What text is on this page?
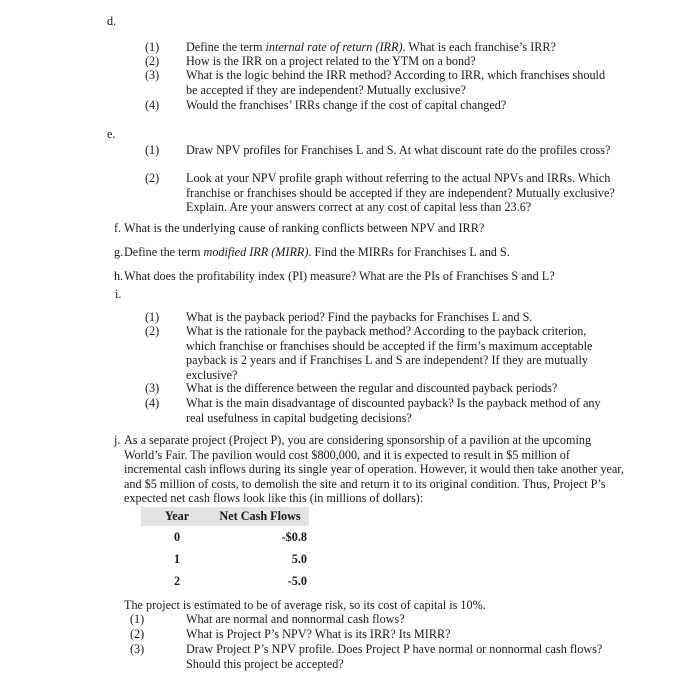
d.
(1)	Define the term internal rate of return (IRR). What is each franchise’s IRR?
(2)	How is the IRR on a project related to the YTM on a bond?
(3)	What is the logic behind the IRR method? According to IRR, which franchises should be accepted if they are independent? Mutually exclusive?
(4)	Would the franchises’ IRRs change if the cost of capital changed?
e.
(1)	Draw NPV profiles for Franchises L and S. At what discount rate do the profiles cross?
(2)	Look at your NPV profile graph without referring to the actual NPVs and IRRs. Which franchise or franchises should be accepted if they are independent? Mutually exclusive? Explain. Are your answers correct at any cost of capital less than 23.6?
f. What is the underlying cause of ranking conflicts between NPV and IRR?
g. Define the term modified IRR (MIRR). Find the MIRRs for Franchises L and S.
h. What does the profitability index (PI) measure? What are the PIs of Franchises S and L?
i.
(1)	What is the payback period? Find the paybacks for Franchises L and S.
(2)	What is the rationale for the payback method? According to the payback criterion, which franchise or franchises should be accepted if the firm’s maximum acceptable payback is 2 years and if Franchises L and S are independent? If they are mutually exclusive?
(3)	What is the difference between the regular and discounted payback periods?
(4)	What is the main disadvantage of discounted payback? Is the payback method of any real usefulness in capital budgeting decisions?
j. As a separate project (Project P), you are considering sponsorship of a pavilion at the upcoming World’s Fair. The pavilion would cost $800,000, and it is expected to result in $5 million of incremental cash inflows during its single year of operation. However, it would then take another year, and $5 million of costs, to demolish the site and return it to its original condition. Thus, Project P’s expected net cash flows look like this (in millions of dollars):
Year	Net Cash Flows
0	-$0.8
1	5.0
2	-5.0
The project is estimated to be of average risk, so its cost of capital is 10%.
(1)	What are normal and nonnormal cash flows?
(2)	What is Project P’s NPV? What is its IRR? Its MIRR?
(3)	Draw Project P’s NPV profile. Does Project P have normal or nonnormal cash flows? Should this project be accepted?
